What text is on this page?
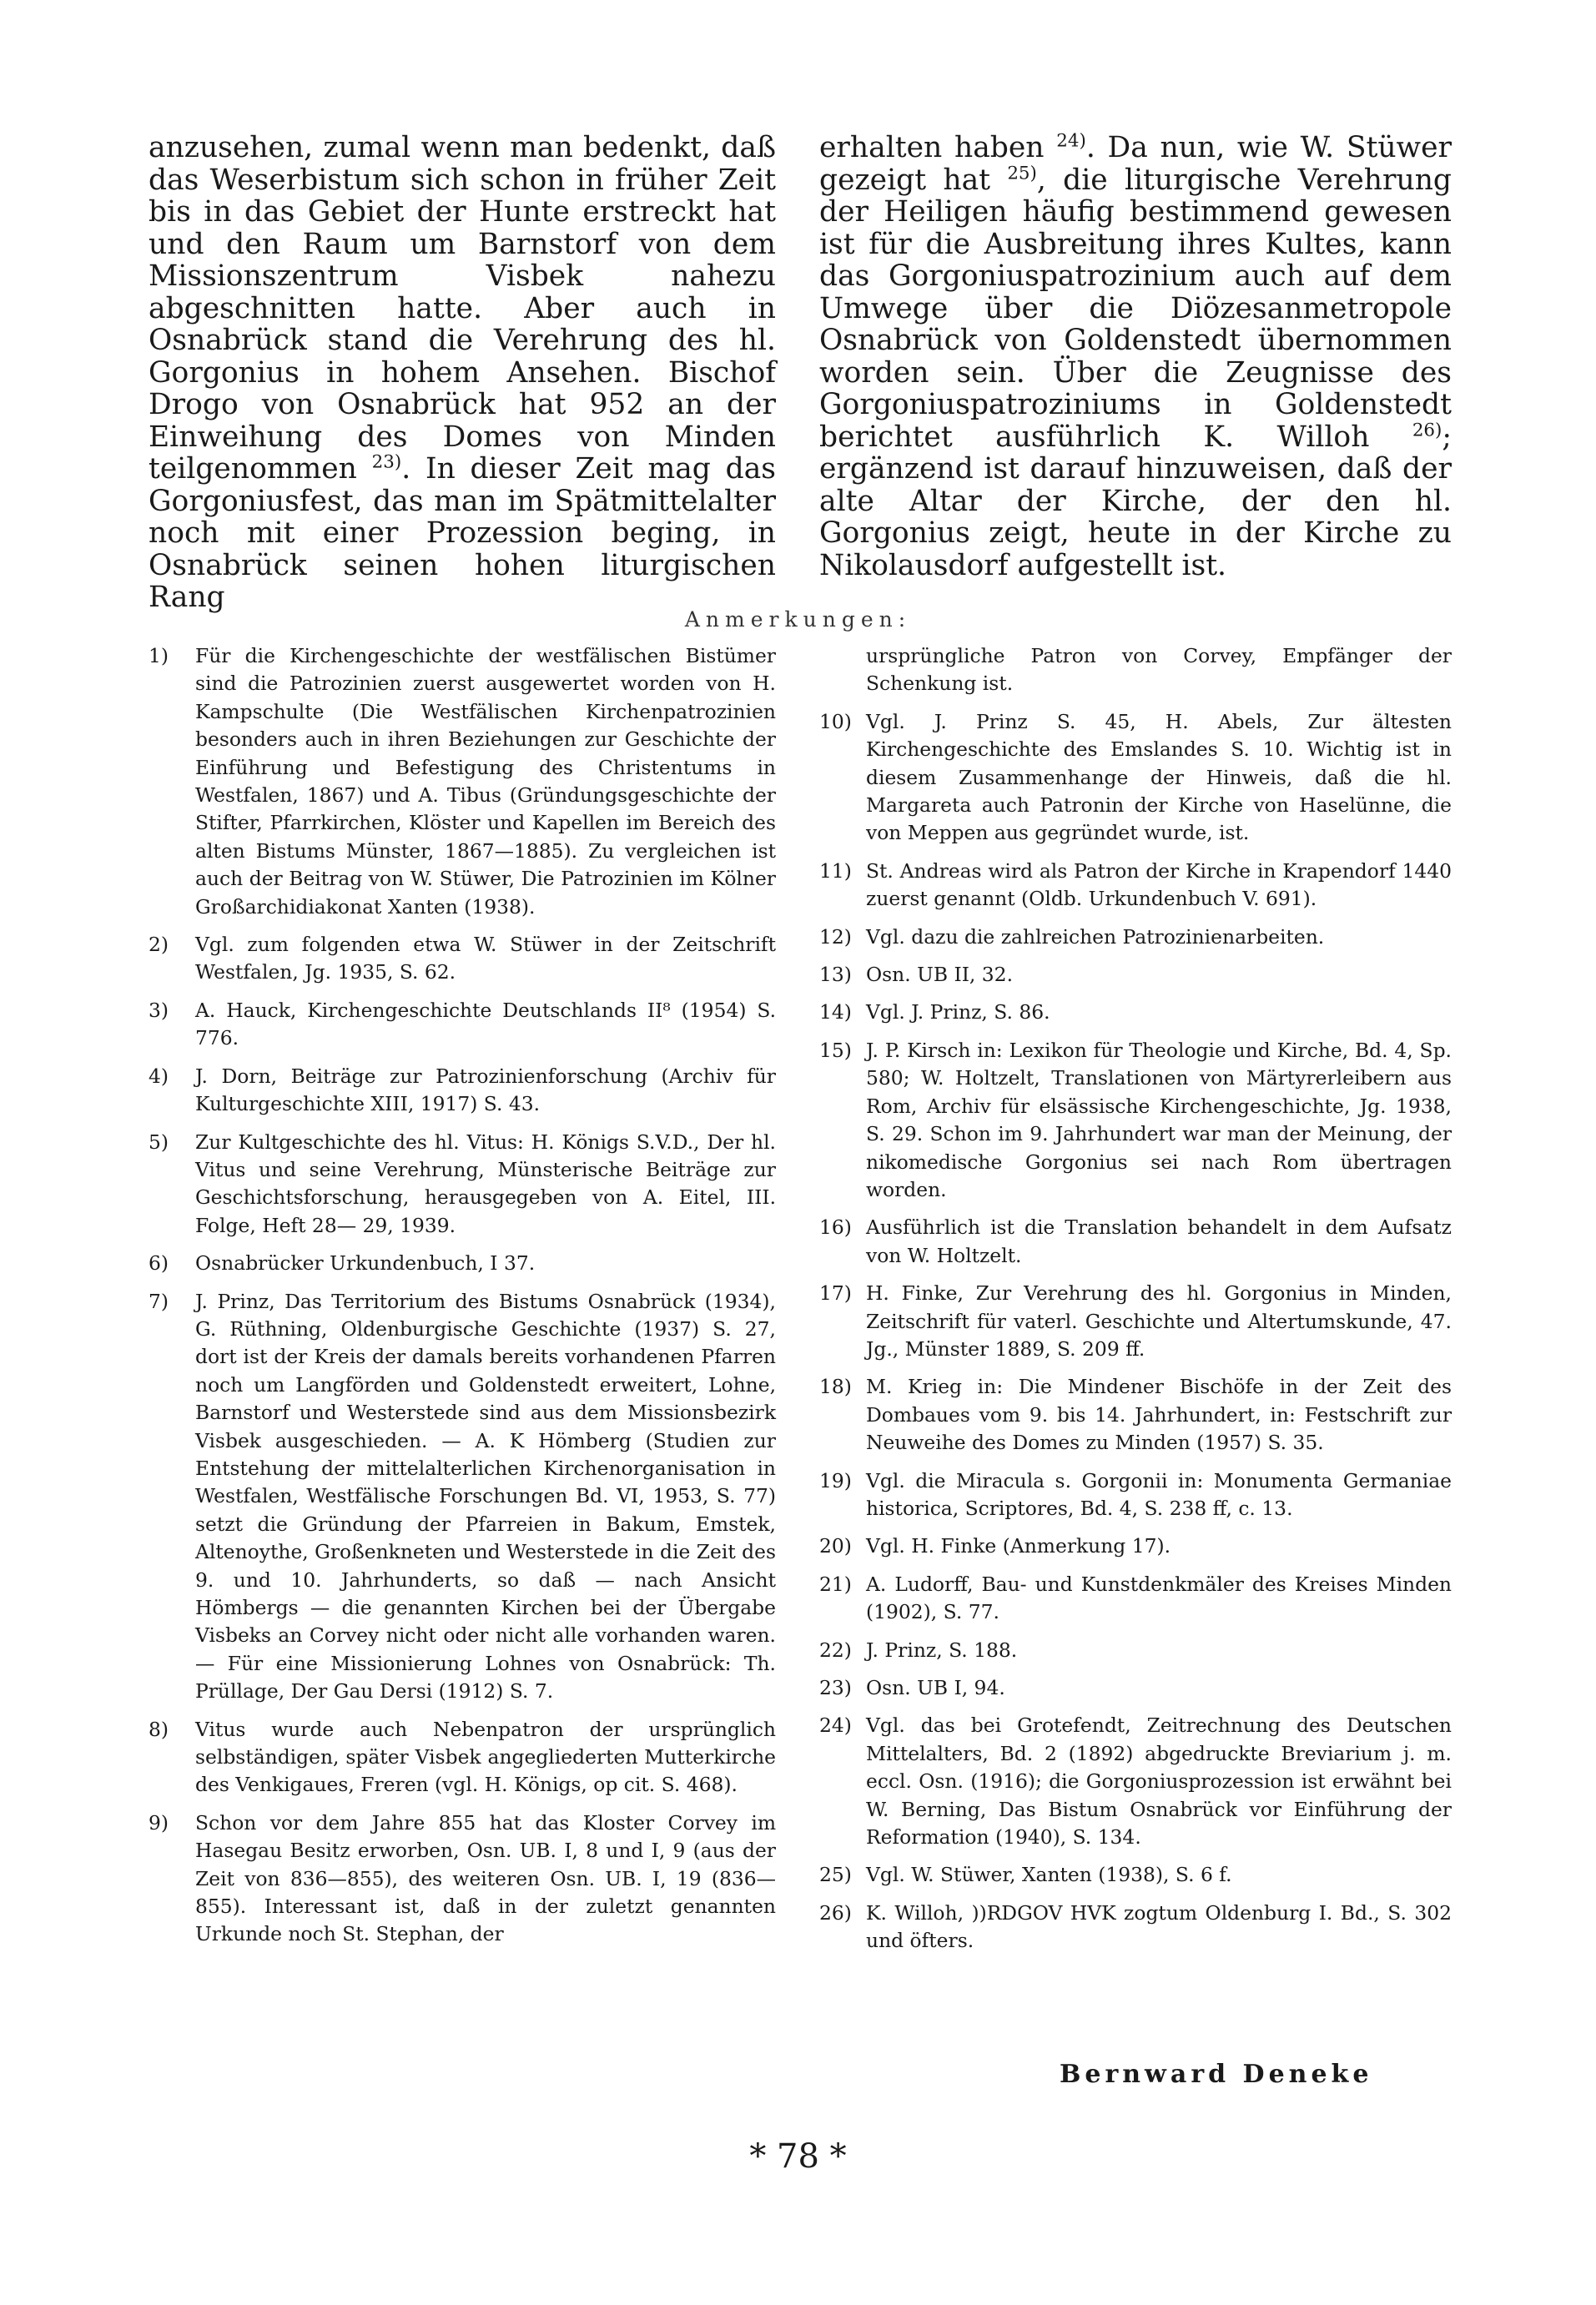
anzusehen, zumal wenn man bedenkt, daß das Weserbistum sich schon in früher Zeit bis in das Gebiet der Hunte erstreckt hat und den Raum um Barnstorf von dem Missionszentrum Visbek nahezu abgeschnitten hatte. Aber auch in Osnabrück stand die Verehrung des hl. Gorgonius in hohem Ansehen. Bischof Drogo von Osnabrück hat 952 an der Einweihung des Domes von Minden teilgenommen $^{23)}$. In dieser Zeit mag das Gorgoniusfest, das man im Spätmittelalter noch mit einer Prozession beging, in Osnabrück seinen hohen liturgischen Rang

erhalten haben $^{24)}$. Da nun, wie W. Stüwer gezeigt hat $^{25)}$, die liturgische Verehrung der Heiligen häufig bestimmend gewesen ist für die Ausbreitung ihres Kultes, kann das Gorgoniuspatrozinium auch auf dem Umwege über die Diözesanmetropole Osnabrück von Goldenstedt übernommen worden sein. Über die Zeugnisse des Gorgoniuspatroziniums in Goldenstedt berichtet ausführlich K. Willoh $^{26)}$; ergänzend ist darauf hinzuweisen, daß der alte Altar der Kirche, der den hl. Gorgonius zeigt, heute in der Kirche zu Nikolausdorf aufgestellt ist.

Anmerkungen:
1)	Für die Kirchengeschichte der westfälischen Bistümer sind die Patrozinien zuerst ausgewertet worden von H. Kampschulte (Die Westfälischen Kirchenpatrozinien besonders auch in ihren Beziehungen zur Geschichte der Einführung und Befestigung des Christentums in Westfalen, 1867) und A. Tibus (Gründungsgeschichte der Stifter, Pfarrkirchen, Klöster und Kapellen im Bereich des alten Bistums Münster, 1867—1885). Zu vergleichen ist auch der Beitrag von W. Stüwer, Die Patrozinien im Kölner Großarchidiakonat Xanten (1938).
2)	Vgl. zum folgenden etwa W. Stüwer in der Zeitschrift Westfalen, Jg. 1935, S. 62.
3)	A. Hauck, Kirchengeschichte Deutschlands II⁸ (1954) S. 776.
4)	J. Dorn, Beiträge zur Patrozinienforschung (Archiv für Kulturgeschichte XIII, 1917) S. 43.
5)	Zur Kultgeschichte des hl. Vitus: H. Königs S.V.D., Der hl. Vitus und seine Verehrung, Münsterische Beiträge zur Geschichtsforschung, herausgegeben von A. Eitel, III. Folge, Heft 28— 29, 1939.
6)	Osnabrücker Urkundenbuch, I 37.
7)	J. Prinz, Das Territorium des Bistums Osnabrück (1934), G. Rüthning, Oldenburgische Geschichte (1937) S. 27, dort ist der Kreis der damals bereits vorhandenen Pfarren noch um Langförden und Goldenstedt erweitert, Lohne, Barnstorf und Westerstede sind aus dem Missionsbezirk Visbek ausgeschieden. — A. K Hömberg (Studien zur Entstehung der mittelalterlichen Kirchenorganisation in Westfalen, Westfälische Forschungen Bd. VI, 1953, S. 77) setzt die Gründung der Pfarreien in Bakum, Emstek, Altenoythe, Großenkneten und Westerstede in die Zeit des 9. und 10. Jahrhunderts, so daß — nach Ansicht Hömbergs — die genannten Kirchen bei der Übergabe Visbeks an Corvey nicht oder nicht alle vorhanden waren. — Für eine Missionierung Lohnes von Osnabrück: Th. Prüllage, Der Gau Dersi (1912) S. 7.
8)	Vitus wurde auch Nebenpatron der ursprünglich selbständigen, später Visbek angegliederten Mutterkirche des Venkigaues, Freren (vgl. H. Königs, op cit. S. 468).
9)	Schon vor dem Jahre 855 hat das Kloster Corvey im Hasegau Besitz erworben, Osn. UB. I, 8 und I, 9 (aus der Zeit von 836—855), des weiteren Osn. UB. I, 19 (836—855). Interessant ist, daß in der zuletzt genannten Urkunde noch St. Stephan, der
ursprüngliche Patron von Corvey, Empfänger der Schenkung ist.
10) Vgl. J. Prinz S. 45, H. Abels, Zur ältesten Kirchengeschichte des Emslandes S. 10. Wichtig ist in diesem Zusammenhange der Hinweis, daß die hl. Margareta auch Patronin der Kirche von Haselünne, die von Meppen aus gegründet wurde, ist.
11) St. Andreas wird als Patron der Kirche in Krapendorf 1440 zuerst genannt (Oldb. Urkundenbuch V. 691).
12) Vgl. dazu die zahlreichen Patrozinienarbeiten.
13) Osn. UB II, 32.
14) Vgl. J. Prinz, S. 86.
15) J. P. Kirsch in: Lexikon für Theologie und Kirche, Bd. 4, Sp. 580; W. Holtzelt, Translationen von Märtyrerleibern aus Rom, Archiv für elsässische Kirchengeschichte, Jg. 1938, S. 29. Schon im 9. Jahrhundert war man der Meinung, der nikomedische Gorgonius sei nach Rom übertragen worden.
16) Ausführlich ist die Translation behandelt in dem Aufsatz von W. Holtzelt.
17) H. Finke, Zur Verehrung des hl. Gorgonius in Minden, Zeitschrift für vaterl. Geschichte und Altertumskunde, 47. Jg., Münster 1889, S. 209 ff.
18) M. Krieg in: Die Mindener Bischöfe in der Zeit des Dombaues vom 9. bis 14. Jahrhundert, in: Festschrift zur Neuweihe des Domes zu Minden (1957) S. 35.
19) Vgl. die Miracula s. Gorgonii in: Monumenta Germaniae historica, Scriptores, Bd. 4, S. 238 ff, c. 13.
20) Vgl. H. Finke (Anmerkung 17).
21) A. Ludorff, Bau- und Kunstdenkmäler des Kreises Minden (1902), S. 77.
22) J. Prinz, S. 188.
23) Osn. UB I, 94.
24) Vgl. das bei Grotefendt, Zeitrechnung des Deutschen Mittelalters, Bd. 2 (1892) abgedruckte Breviarium j. m. eccl. Osn. (1916); die Gorgoniusprozession ist erwähnt bei W. Berning, Das Bistum Osnabrück vor Einführung der Reformation (1940), S. 134.
25) Vgl. W. Stüwer, Xanten (1938), S. 6 f.
26) K. Willoh, ))RDGOV HVK zogtum Oldenburg I. Bd., S. 302 und öfters.
Bernward Deneke
* 78 *
